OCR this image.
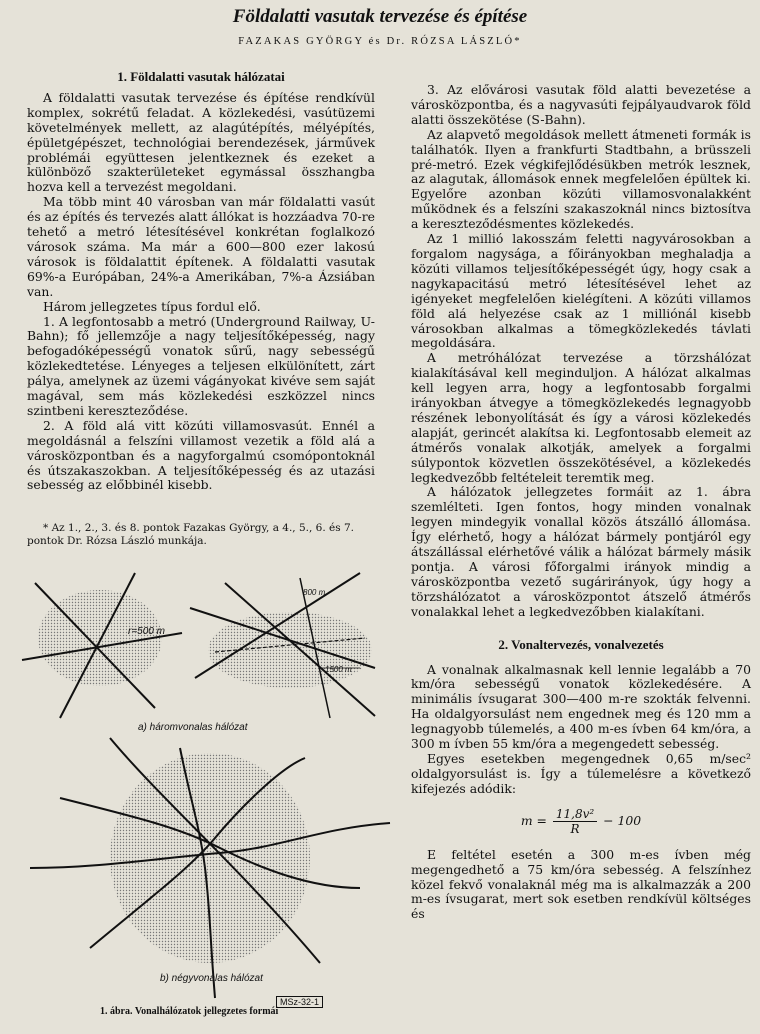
Földalatti vasutak tervezése és építése
FAZAKAS GYÖRGY és Dr. RÓZSA LÁSZLÓ*
1. Földalatti vasutak hálózatai

A földalatti vasutak tervezése és építése rendkívül komplex, sokrétű feladat. A közlekedési, vasútüzemi követelmények mellett, az alagútépítés, mélyépítés, épületgépészet, technológiai berendezések, járművek problémái együttesen jelentkeznek és ezeket a különböző szakterületeket egymással összhangba hozva kell a tervezést megoldani.

Ma több mint 40 városban van már földalatti vasút és az építés és tervezés alatt állókat is hozzáadva 70-re tehető a metró létesítésével konkrétan foglalkozó városok száma. Ma már a 600—800 ezer lakosú városok is földalattit építenek. A földalatti vasutak 69%-a Európában, 24%-a Amerikában, 7%-a Ázsiában van.

Három jellegzetes típus fordul elő.

1. A legfontosabb a metró (Underground Railway, U-Bahn); fő jellemzője a nagy teljesítőképesség, nagy befogadóképességű vonatok sűrű, nagy sebességű közlekedtetése. Lényeges a teljesen elkülönített, zárt pálya, amelynek az üzemi vágányokat kivéve sem saját magával, sem más közlekedési eszközzel nincs szintbeni kereszteződése.

2. A föld alá vitt közúti villamosvasút. Ennél a megoldásnál a felszíni villamost vezetik a föld alá a városközpontban és a nagyforgalmú csomópontoknál és útszakaszokban. A teljesítőképesség és az utazási sebesség az előbbinél kisebb.

* Az 1., 2., 3. és 8. pontok Fazakas György, a 4., 5., 6. és 7. pontok Dr. Rózsa László munkája.
r=500 m
800 m
1500 m
a) háromvonalas hálózat
b) négyvonalas hálózat
MSz-32-1
1. ábra. Vonalhálózatok jellegzetes formái

3. Az elővárosi vasutak föld alatti bevezetése a városközpontba, és a nagyvasúti fejpályaudvarok föld alatti összekötése (S-Bahn).

Az alapvető megoldások mellett átmeneti formák is találhatók. Ilyen a frankfurti Stadtbahn, a brüsszeli pré-metró. Ezek végkifejlődésükben metrók lesznek, az alagutak, állomások ennek megfelelően épültek ki. Egyelőre azonban közúti villamosvonalakként működnek és a felszíni szakaszoknál nincs biztosítva a kereszteződésmentes közlekedés.

Az 1 millió lakosszám feletti nagyvárosokban a forgalom nagysága, a főirányokban meghaladja a közúti villamos teljesítőképességét úgy, hogy csak a nagykapacitású metró létesítésével lehet az igényeket megfelelően kielégíteni. A közúti villamos föld alá helyezése csak az 1 milliónál kisebb városokban alkalmas a tömegközlekedés távlati megoldására.

A metróhálózat tervezése a törzshálózat kialakításával kell meginduljon. A hálózat alkalmas kell legyen arra, hogy a legfontosabb forgalmi irányokban átvegye a tömegközlekedés legnagyobb részének lebonyolítását és így a városi közlekedés alapját, gerincét alakítsa ki. Legfontosabb elemeit az átmérős vonalak alkotják, amelyek a forgalmi súlypontok közvetlen összekötésével, a közlekedés legkedvezőbb feltételeit teremtik meg.

A hálózatok jellegzetes formáit az 1. ábra szemlélteti. Igen fontos, hogy minden vonalnak legyen mindegyik vonallal közös átszálló állomása. Így elérhető, hogy a hálózat bármely pontjáról egy átszállással elérhetővé válik a hálózat bármely másik pontja. A városi főforgalmi irányok mindig a városközpontba vezető sugárirányok, úgy hogy a törzshálózatot a városközpontot átszelő átmérős vonalakkal lehet a legkedvezőbben kialakítani.

2. Vonaltervezés, vonalvezetés

A vonalnak alkalmasnak kell lennie legalább a 70 km/óra sebességű vonatok közlekedésére. A minimális ívsugarat 300—400 m-re szokták felvenni. Ha oldalgyorsulást nem engednek meg és 120 mm a legnagyobb túlemelés, a 400 m-es ívben 64 km/óra, a 300 m ívben 55 km/óra a megengedett sebesség.

Egyes esetekben megengednek 0,65 m/sec² oldalgyorsulást is. Így a túlemelésre a következő kifejezés adódik:

$m = \frac{\text{11,8v²}}{R} - 100$

E feltétel esetén a 300 m-es ívben még megengedhető a 75 km/óra sebesség. A felszínhez közel fekvő vonalaknál még ma is alkalmazzák a 200 m-es ívsugarat, mert sok esetben rendkívül költséges és
